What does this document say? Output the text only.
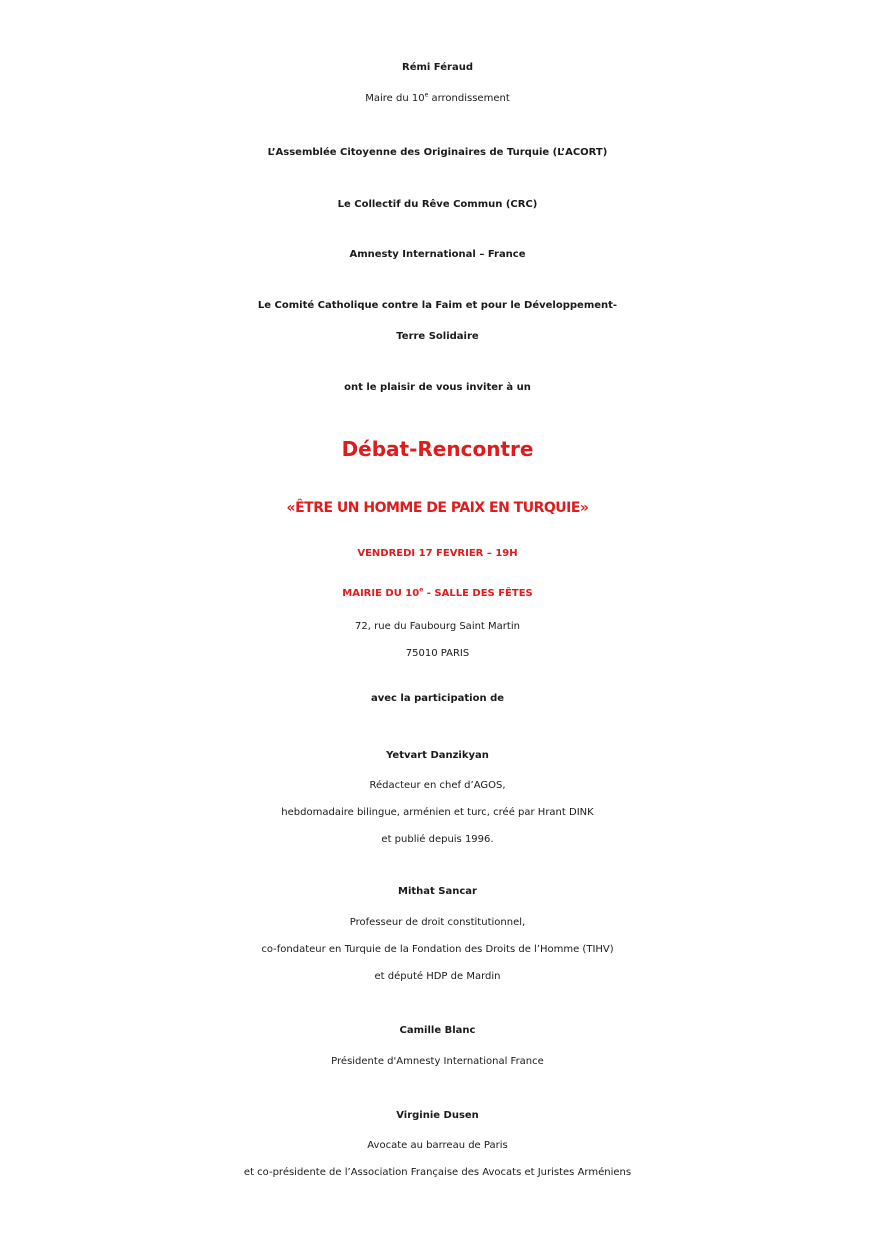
Rémi Féraud
Maire du 10e arrondissement
L’Assemblée Citoyenne des Originaires de Turquie (L’ACORT)
Le Collectif du Rêve Commun (CRC)
Amnesty International – France
Le Comité Catholique contre la Faim et pour le Développement-
Terre Solidaire
ont le plaisir de vous inviter à un
Débat-Rencontre
«ÊTRE UN HOMME DE PAIX EN TURQUIE»
VENDREDI 17 FEVRIER – 19H
MAIRIE DU 10e - SALLE DES FÊTES
72, rue du Faubourg Saint Martin
75010 PARIS
avec la participation de
Yetvart Danzikyan
Rédacteur en chef d’AGOS,
hebdomadaire bilingue, arménien et turc, créé par Hrant DINK
et publié depuis 1996.
Mithat Sancar
Professeur de droit constitutionnel,
co-fondateur en Turquie de la Fondation des Droits de l’Homme (TIHV)
et député HDP de Mardin
Camille Blanc
Présidente d'Amnesty International France
Virginie Dusen
Avocate au barreau de Paris
et co-présidente de l’Association Française des Avocats et Juristes Arméniens
